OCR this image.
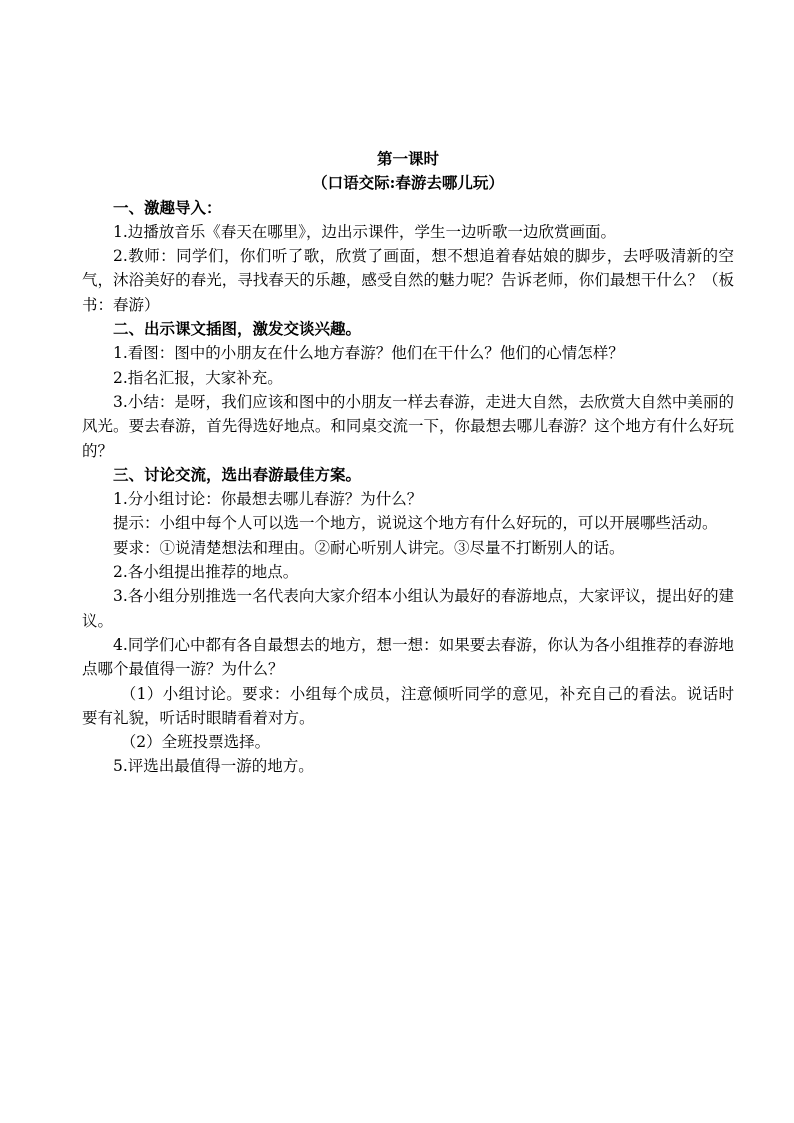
第一课时

（口语交际:春游去哪儿玩）

一、激趣导入：

1.边播放音乐《春天在哪里》，边出示课件，学生一边听歌一边欣赏画面。

2.教师：同学们，你们听了歌，欣赏了画面，想不想追着春姑娘的脚步，去呼吸清新的空气，沐浴美好的春光，寻找春天的乐趣，感受自然的魅力呢？告诉老师，你们最想干什么？（板书：春游）

二、出示课文插图，激发交谈兴趣。

1.看图：图中的小朋友在什么地方春游？他们在干什么？他们的心情怎样？

2.指名汇报，大家补充。

3.小结：是呀，我们应该和图中的小朋友一样去春游，走进大自然，去欣赏大自然中美丽的风光。要去春游，首先得选好地点。和同桌交流一下，你最想去哪儿春游？这个地方有什么好玩的？

三、讨论交流，选出春游最佳方案。

1.分小组讨论：你最想去哪儿春游？为什么？

提示：小组中每个人可以选一个地方，说说这个地方有什么好玩的，可以开展哪些活动。

要求：①说清楚想法和理由。②耐心听别人讲完。③尽量不打断别人的话。

2.各小组提出推荐的地点。

3.各小组分别推选一名代表向大家介绍本小组认为最好的春游地点，大家评议，提出好的建议。

4.同学们心中都有各自最想去的地方，想一想：如果要去春游，你认为各小组推荐的春游地点哪个最值得一游？为什么？

（1）小组讨论。要求：小组每个成员，注意倾听同学的意见，补充自己的看法。说话时要有礼貌，听话时眼睛看着对方。

（2）全班投票选择。

5.评选出最值得一游的地方。
